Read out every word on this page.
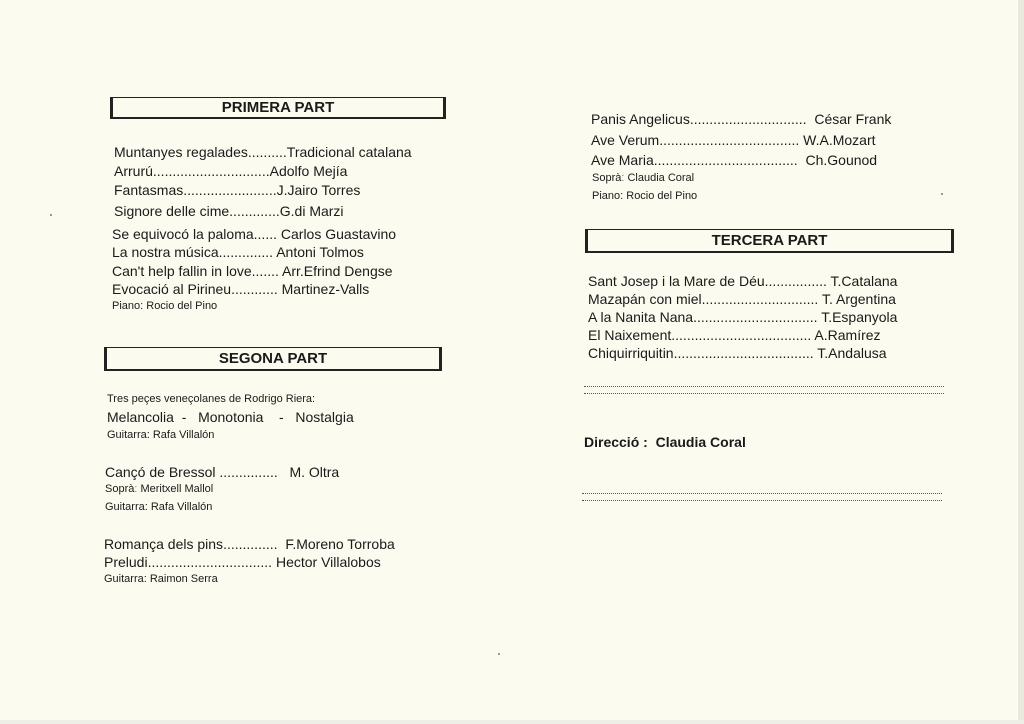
PRIMERA PART
Muntanyes regalades..........Tradicional catalana
Arrurú..............................Adolfo Mejía
Fantasmas........................J.Jairo Torres
Signore delle cime.............G.di Marzi
Se equivocó la paloma...... Carlos Guastavino
La nostra música.............. Antoni Tolmos
Can't help fallin in love....... Arr.Efrind Dengse
Evocació al Pirineu............ Martinez-Valls
Piano: Rocio del Pino
SEGONA PART
Tres peçes veneçolanes de Rodrigo Riera:
Melancolia - Monotonia - Nostalgia
Guitarra: Rafa Villalón
Cançó de Bressol ............... M. Oltra
Sopràː Meritxell Mallol
Guitarra: Rafa Villalón
Romança dels pins.............. F.Moreno Torroba
Preludi................................ Hector Villalobos
Guitarra: Raimon Serra
Panis Angelicus.............................. César Frank
Ave Verum.................................... W.A.Mozart
Ave Maria..................................... Ch.Gounod
Sopràː Claudia Coral
Piano: Rocio del Pino
TERCERA PART
Sant Josep i la Mare de Déu................ T.Catalana
Mazapán con miel.............................. T. Argentina
A la Nanita Nana................................ T.Espanyola
El Naixement.................................... A.Ramírez
Chiquirriquitin.................................... T.Andalusa
Direcció : Claudia Coral
